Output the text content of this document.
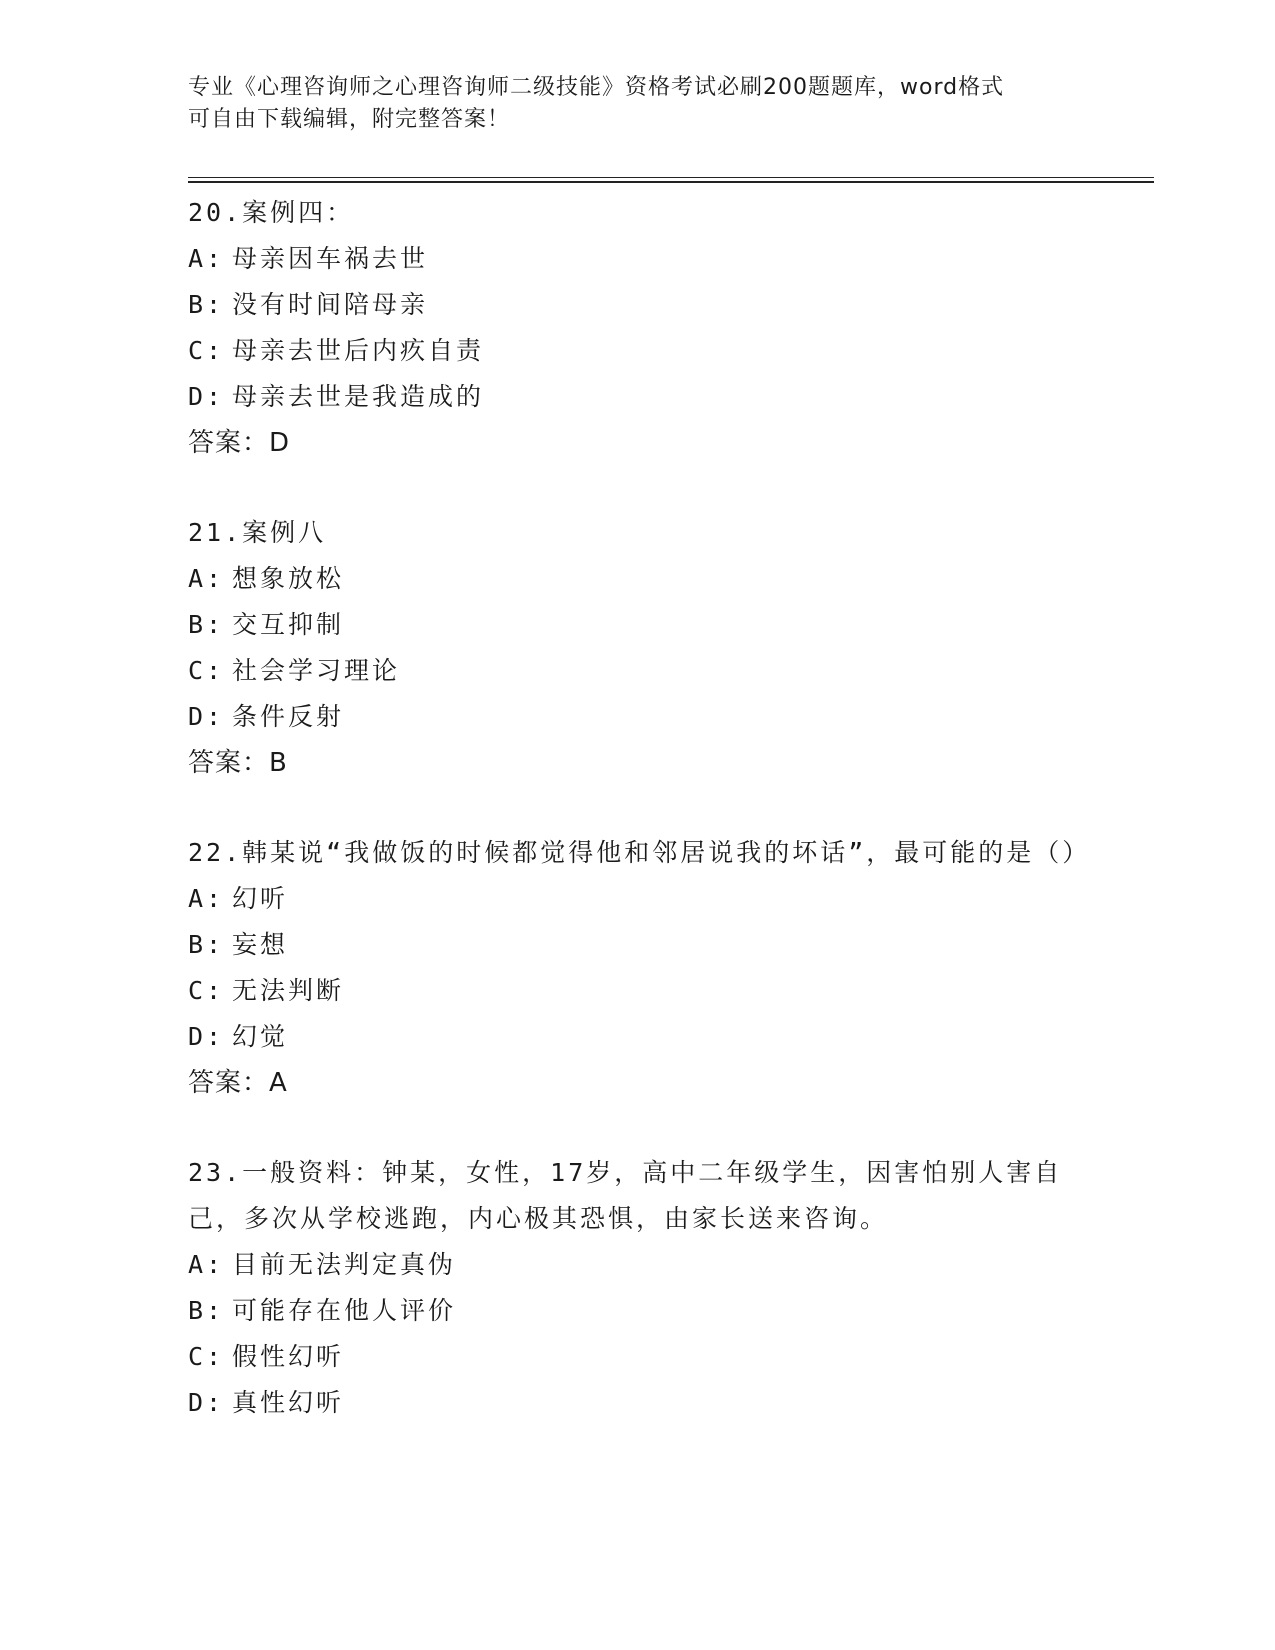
专业《心理咨询师之心理咨询师二级技能》资格考试必刷200题题库，word格式
可自由下载编辑，附完整答案！

20.案例四：

A: 母亲因车祸去世

B: 没有时间陪母亲

C: 母亲去世后内疚自责

D: 母亲去世是我造成的

答案：D

21.案例八

A: 想象放松

B: 交互抑制

C: 社会学习理论

D: 条件反射

答案：B

22.韩某说“我做饭的时候都觉得他和邻居说我的坏话”，最可能的是（）

A: 幻听

B: 妄想

C: 无法判断

D: 幻觉

答案：A

23.一般资料：钟某，女性，17岁，高中二年级学生，因害怕别人害自己，多次从学校逃跑，内心极其恐惧，由家长送来咨询。

A: 目前无法判定真伪

B: 可能存在他人评价

C: 假性幻听

D: 真性幻听
